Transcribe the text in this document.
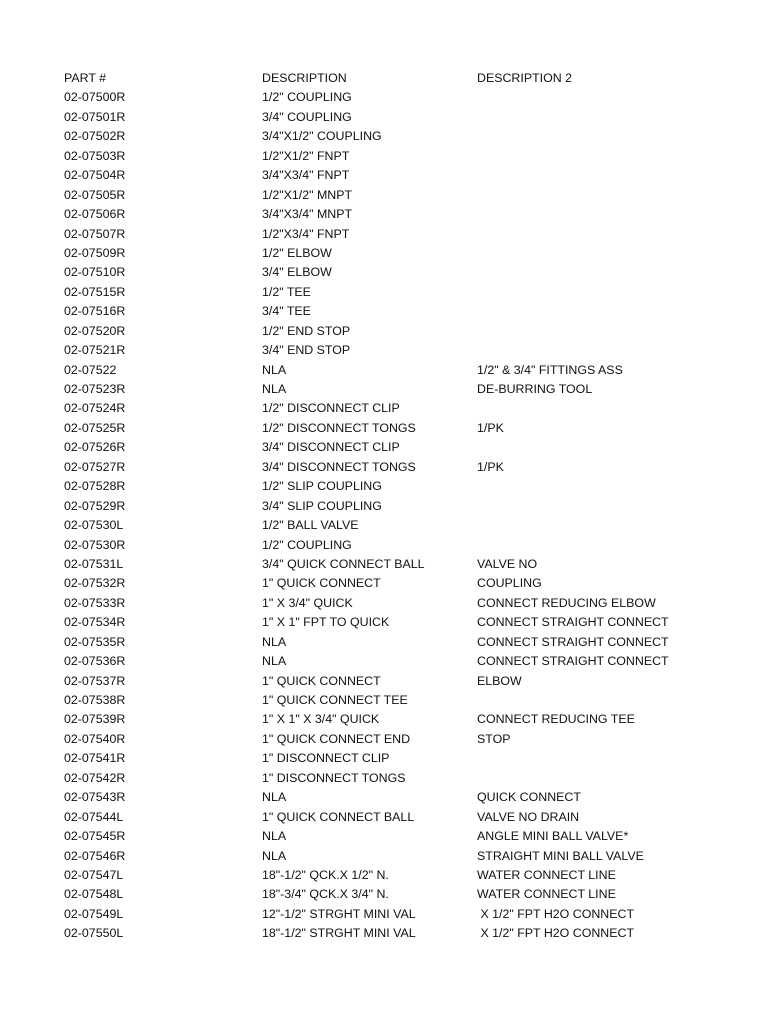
PART #	DESCRIPTION	DESCRIPTION 2
02-07500R	1/2" COUPLING
02-07501R	3/4" COUPLING
02-07502R	3/4"X1/2" COUPLING
02-07503R	1/2"X1/2" FNPT
02-07504R	3/4"X3/4" FNPT
02-07505R	1/2"X1/2" MNPT
02-07506R	3/4"X3/4" MNPT
02-07507R	1/2"X3/4" FNPT
02-07509R	1/2" ELBOW
02-07510R	3/4" ELBOW
02-07515R	1/2" TEE
02-07516R	3/4" TEE
02-07520R	1/2" END STOP
02-07521R	3/4" END STOP
02-07522	NLA	1/2" & 3/4" FITTINGS ASS
02-07523R	NLA	DE-BURRING TOOL
02-07524R	1/2" DISCONNECT CLIP
02-07525R	1/2" DISCONNECT TONGS	1/PK
02-07526R	3/4" DISCONNECT CLIP
02-07527R	3/4" DISCONNECT TONGS	1/PK
02-07528R	1/2" SLIP COUPLING
02-07529R	3/4" SLIP COUPLING
02-07530L	1/2" BALL VALVE
02-07530R	1/2" COUPLING
02-07531L	3/4" QUICK CONNECT BALL	VALVE NO
02-07532R	1" QUICK CONNECT	COUPLING
02-07533R	1" X 3/4" QUICK	CONNECT REDUCING ELBOW
02-07534R	1" X 1" FPT TO QUICK	CONNECT STRAIGHT CONNECT
02-07535R	NLA	CONNECT STRAIGHT CONNECT
02-07536R	NLA	CONNECT STRAIGHT CONNECT
02-07537R	1" QUICK CONNECT	ELBOW
02-07538R	1" QUICK CONNECT TEE
02-07539R	1" X 1" X 3/4" QUICK	CONNECT REDUCING TEE
02-07540R	1" QUICK CONNECT END	STOP
02-07541R	1" DISCONNECT CLIP
02-07542R	1" DISCONNECT TONGS
02-07543R	NLA	QUICK CONNECT
02-07544L	1" QUICK CONNECT BALL	VALVE NO DRAIN
02-07545R	NLA	ANGLE MINI BALL VALVE*
02-07546R	NLA	STRAIGHT MINI BALL VALVE
02-07547L	18"-1/2" QCK.X 1/2" N.	WATER CONNECT LINE
02-07548L	18"-3/4" QCK.X 3/4" N.	WATER CONNECT LINE
02-07549L	12"-1/2" STRGHT MINI VAL	X 1/2" FPT H2O CONNECT
02-07550L	18"-1/2" STRGHT MINI VAL	X 1/2" FPT H2O CONNECT
